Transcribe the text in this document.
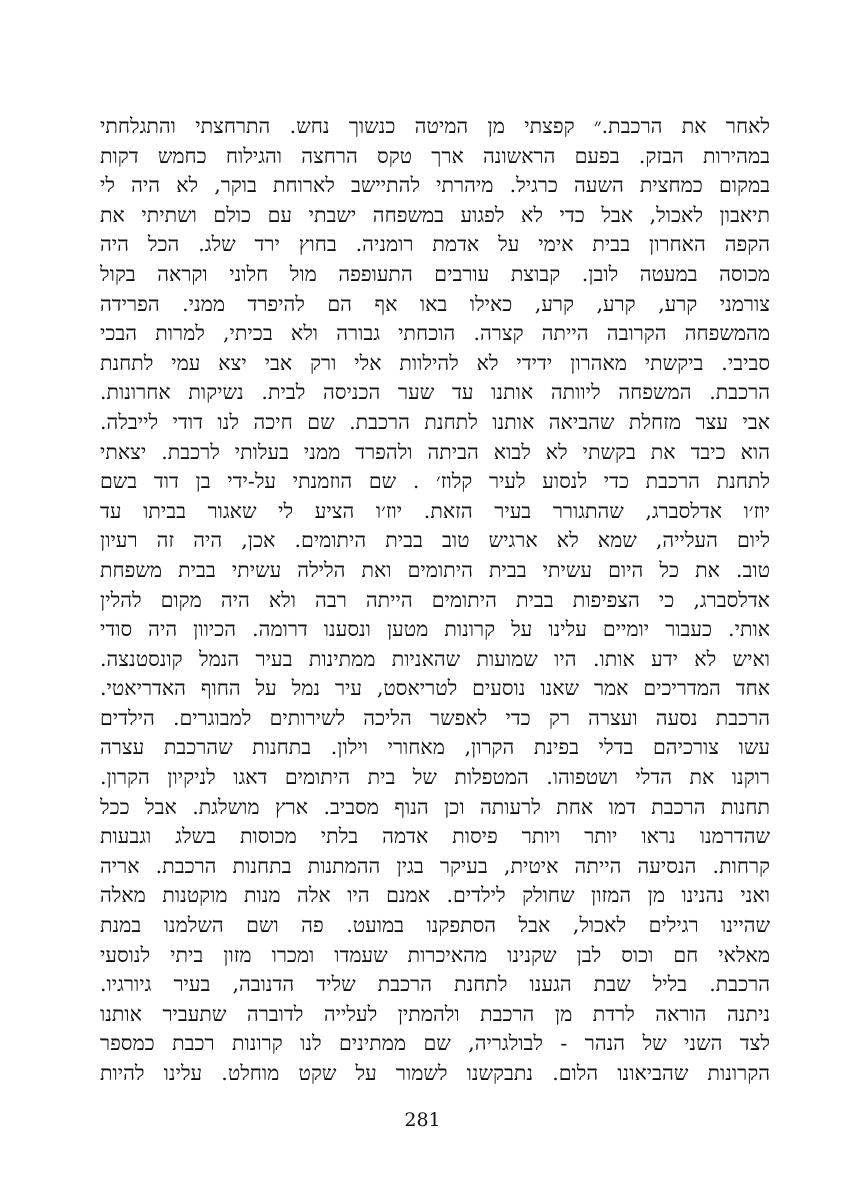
לאחר את הרכבת.״ קפצתי מן המיטה כנשוך נחש. התרחצתי והתגלחתי
במהירות הבזק. בפעם הראשונה ארך טקס הרחצה והגילוח כחמש דקות
במקום כמחצית השעה כרגיל. מיהרתי להתיישב לארוחת בוקר, לא היה לי
תיאבון לאכול, אבל כדי לא לפגוע במשפחה ישבתי עם כולם ושתיתי את
הקפה האחרון בבית אימי על אדמת רומניה. בחוץ ירד שלג. הכל היה
מכוסה במעטה לובן. קבוצת עורבים התעופפה מול חלוני וקראה בקול
צורמני קרע, קרע, קרע, כאילו באו אף הם להיפרד ממני. הפרידה
מהמשפחה הקרובה הייתה קצרה. הוכחתי גבורה ולא בכיתי, למרות הבכי
סביבי. ביקשתי מאהרון ידידי לא להילוות אלי ורק אבי יצא עמי לתחנת
הרכבת. המשפחה ליוותה אותנו עד שער הכניסה לבית. נשיקות אחרונות.
אבי עצר מזחלת שהביאה אותנו לתחנת הרכבת. שם חיכה לנו דודי לייבלה.
הוא כיבד את בקשתי לא לבוא הביתה ולהפרד ממני בעלותי לרכבת. יצאתי
לתחנת הרכבת כדי לנסוע לעיר קלוז׳ . שם הוזמנתי על-ידי בן דוד בשם
יוז׳ו אדלסברג, שהתגורר בעיר הזאת. יוז׳ו הציע לי שאגור בביתו עד
ליום העלייה, שמא לא ארגיש טוב בבית היתומים. אכן, היה זה רעיון
טוב. את כל היום עשיתי בבית היתומים ואת הלילה עשיתי בבית משפחת
אדלסברג, כי הצפיפות בבית היתומים הייתה רבה ולא היה מקום להלין
אותי. כעבור יומיים עלינו על קרונות מטען ונסענו דרומה. הכיוון היה סודי
ואיש לא ידע אותו. היו שמועות שהאניות ממתינות בעיר הנמל קונסטנצה.
אחד המדריכים אמר שאנו נוסעים לטריאסט, עיר נמל על החוף האדריאטי.
הרכבת נסעה ועצרה רק כדי לאפשר הליכה לשירותים למבוגרים. הילדים
עשו צורכיהם בדלי בפינת הקרון, מאחורי וילון. בתחנות שהרכבת עצרה
רוקנו את הדלי ושטפוהו. המטפלות של בית היתומים דאגו לניקיון הקרון.
תחנות הרכבת דמו אחת לרעותה וכן הנוף מסביב. ארץ מושלגת. אבל ככל
שהדרמנו נראו יותר ויותר פיסות אדמה בלתי מכוסות בשלג וגבעות
קרחות. הנסיעה הייתה איטית, בעיקר בגין ההמתנות בתחנות הרכבת. אריה
ואני נהנינו מן המזון שחולק לילדים. אמנם היו אלה מנות מוקטנות מאלה
שהיינו רגילים לאכול, אבל הסתפקנו במועט. פה ושם השלמנו במנת
מאלאי חם וכוס לבן שקנינו מהאיכרות שעמדו ומכרו מזון ביתי לנוסעי
הרכבת. בליל שבת הגענו לתחנת הרכבת שליד הדנובה, בעיר גיורגיו.
ניתנה הוראה לרדת מן הרכבת ולהמתין לעלייה לדוברה שתעביר אותנו
לצד השני של הנהר - לבולגריה, שם ממתינים לנו קרונות רכבת כמספר
הקרונות שהביאונו הלום. נתבקשנו לשמור על שקט מוחלט. עלינו להיות
281
